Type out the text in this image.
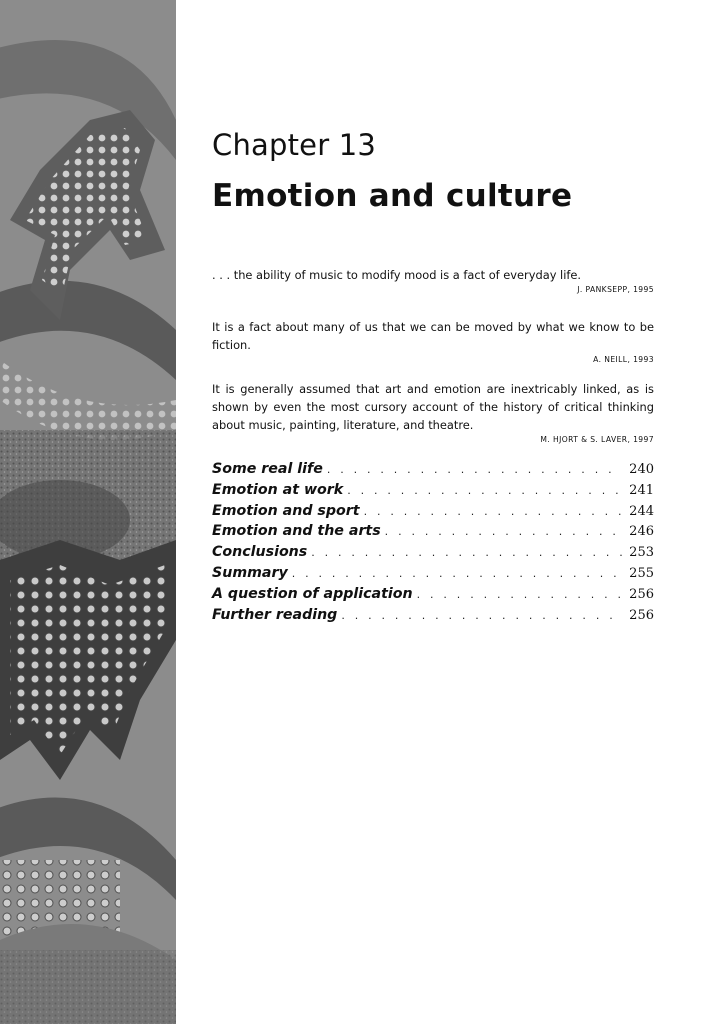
Chapter 13
Emotion and culture

. . . the ability of music to modify mood is a fact of everyday life.

J. PANKSEPP, 1995

It is a fact about many of us that we can be moved by what we know to be fiction.

A. NEILL, 1993

It is generally assumed that art and emotion are inextricably linked, as is shown by even the most cursory account of the history of critical thinking about music, painting, literature, and theatre.

M. HJORT & S. LAVER, 1997
Some real life . . .	240
Emotion at work . . .	241
Emotion and sport . . .	244
Emotion and the arts . . .	246
Conclusions . . .	253
Summary . . .	255
A question of application . . .	256
Further reading . . .	256
